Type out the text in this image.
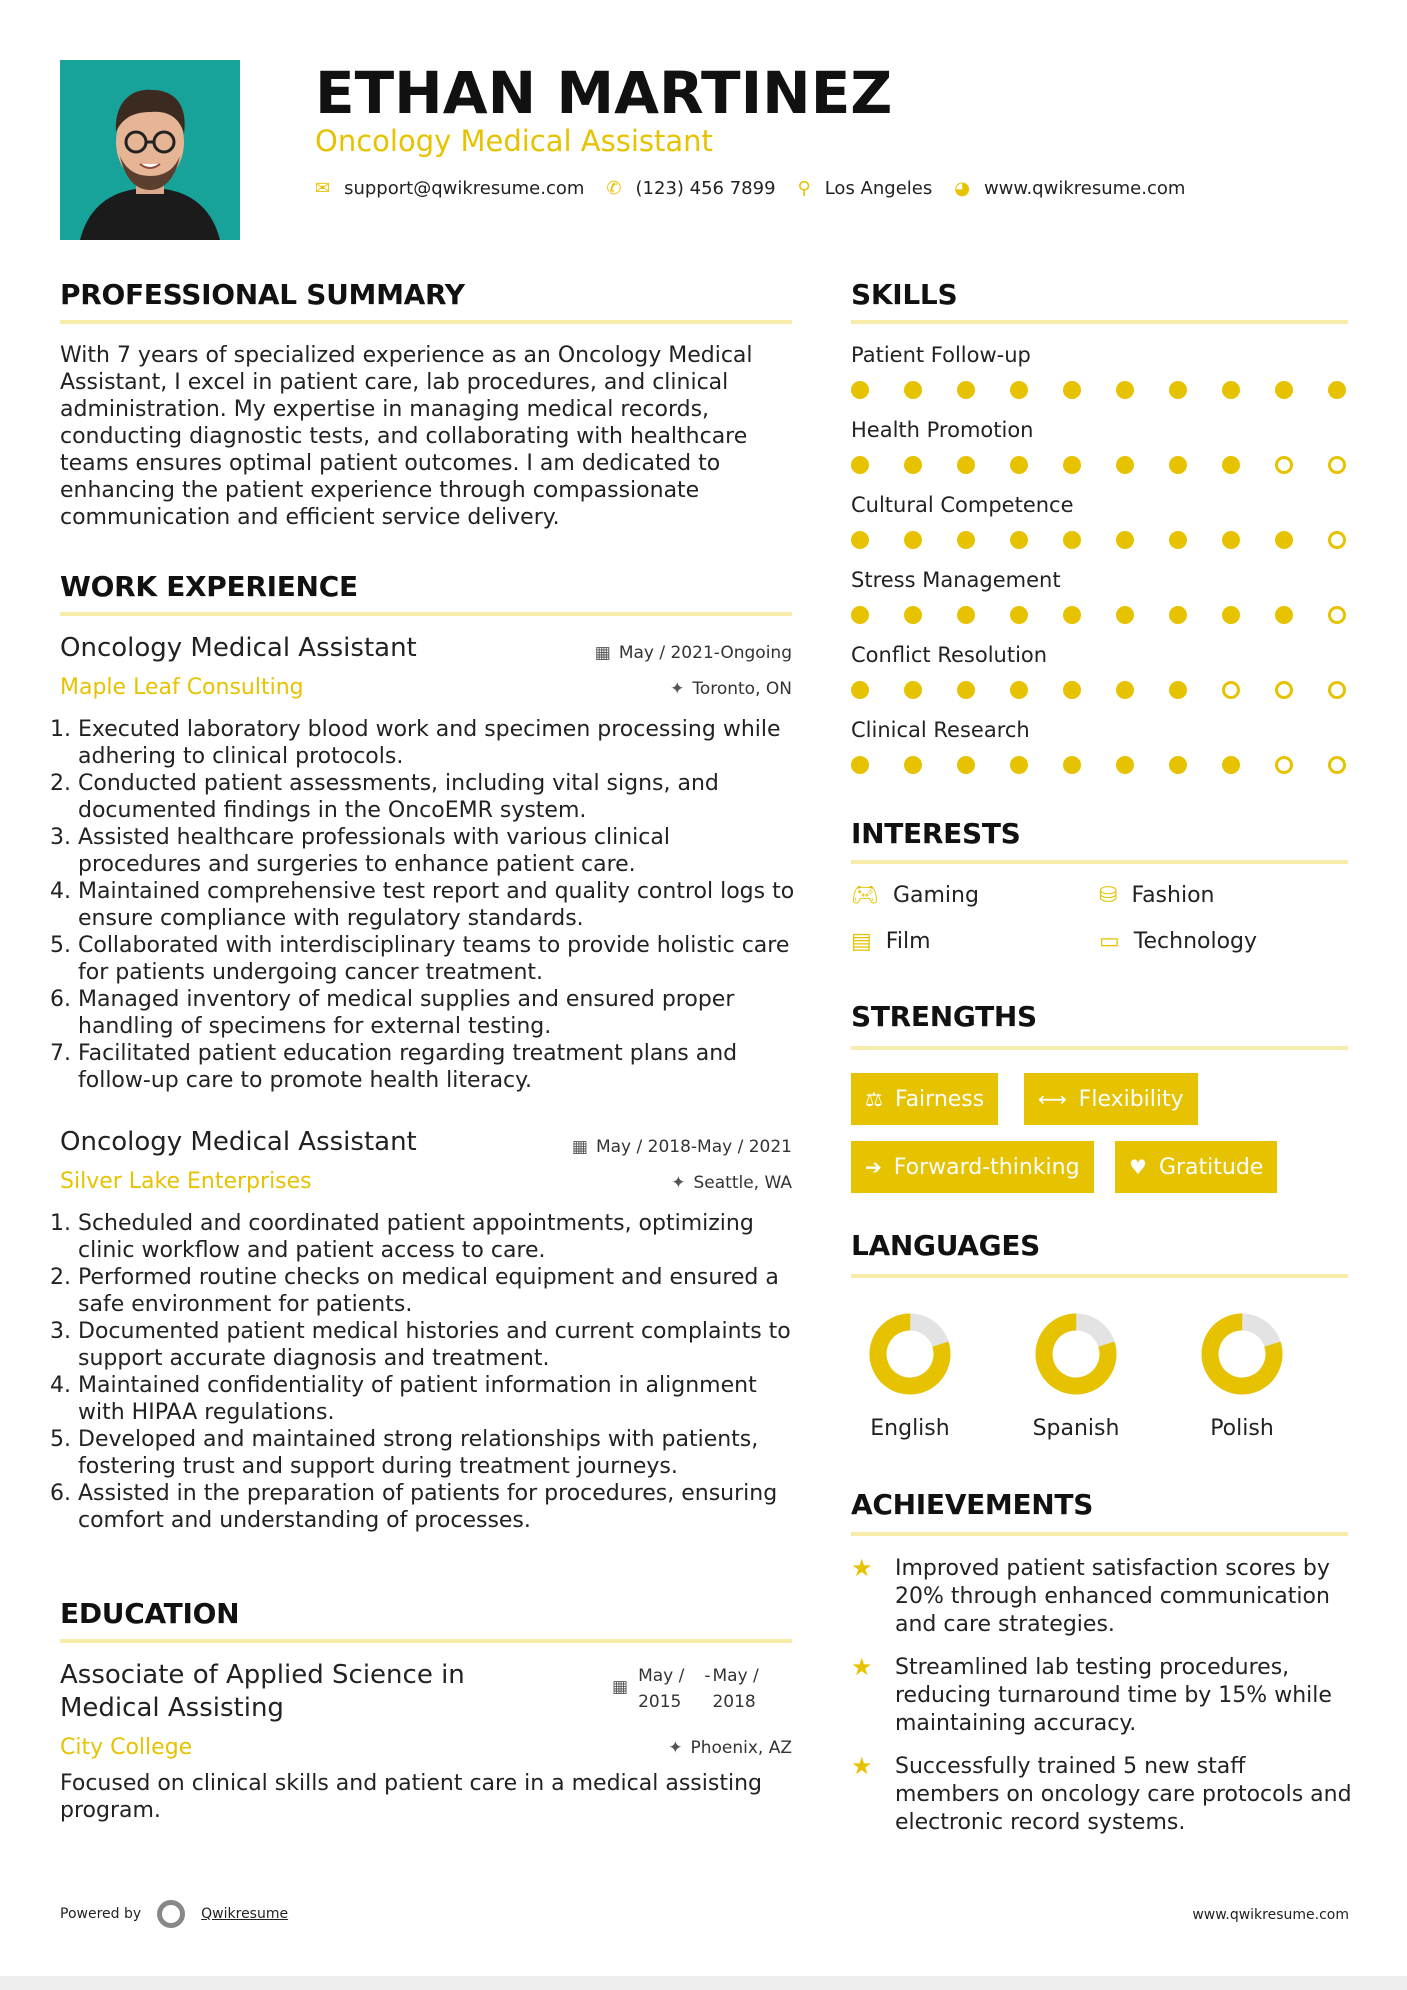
ETHAN MARTINEZ
Oncology Medical Assistant
✉ support@qwikresume.com ✆ (123) 456 7899 ⚲ Los Angeles ◕ www.qwikresume.com
PROFESSIONAL SUMMARY
With 7 years of specialized experience as an Oncology Medical Assistant, I excel in patient care, lab procedures, and clinical administration. My expertise in managing medical records, conducting diagnostic tests, and collaborating with healthcare teams ensures optimal patient outcomes. I am dedicated to enhancing the patient experience through compassionate communication and efficient service delivery.
WORK EXPERIENCE
Oncology Medical Assistant	▦ May / 2021-Ongoing
Maple Leaf Consulting	✦ Toronto, ON
1. Executed laboratory blood work and specimen processing while adhering to clinical protocols.
2. Conducted patient assessments, including vital signs, and documented findings in the OncoEMR system.
3. Assisted healthcare professionals with various clinical procedures and surgeries to enhance patient care.
4. Maintained comprehensive test report and quality control logs to ensure compliance with regulatory standards.
5. Collaborated with interdisciplinary teams to provide holistic care for patients undergoing cancer treatment.
6. Managed inventory of medical supplies and ensured proper handling of specimens for external testing.
7. Facilitated patient education regarding treatment plans and follow-up care to promote health literacy.
Oncology Medical Assistant	▦ May / 2018-May / 2021
Silver Lake Enterprises	✦ Seattle, WA
1. Scheduled and coordinated patient appointments, optimizing clinic workflow and patient access to care.
2. Performed routine checks on medical equipment and ensured a safe environment for patients.
3. Documented patient medical histories and current complaints to support accurate diagnosis and treatment.
4. Maintained confidentiality of patient information in alignment with HIPAA regulations.
5. Developed and maintained strong relationships with patients, fostering trust and support during treatment journeys.
6. Assisted in the preparation of patients for procedures, ensuring comfort and understanding of processes.
EDUCATION
Associate of Applied Science in
Medical Assisting
▦
May /
2015
- May /
2018
City College	✦ Phoenix, AZ
Focused on clinical skills and patient care in a medical assisting program.
SKILLS
Patient Follow-up
Health Promotion
Cultural Competence
Stress Management
Conflict Resolution
Clinical Research
INTERESTS
🎮︎ Gaming	⛁ Fashion
▤ Film	▭ Technology
STRENGTHS
⚖ Fairness	⟷ Flexibility
➔ Forward-thinking ♥ Gratitude
LANGUAGES
English	Spanish	Polish
ACHIEVEMENTS
★	Improved patient satisfaction scores by 20% through enhanced communication and care strategies.
★	Streamlined lab testing procedures, reducing turnaround time by 15% while maintaining accuracy.
★	Successfully trained 5 new staff members on oncology care protocols and electronic record systems.
Powered by	Qwikresume	www.qwikresume.com
